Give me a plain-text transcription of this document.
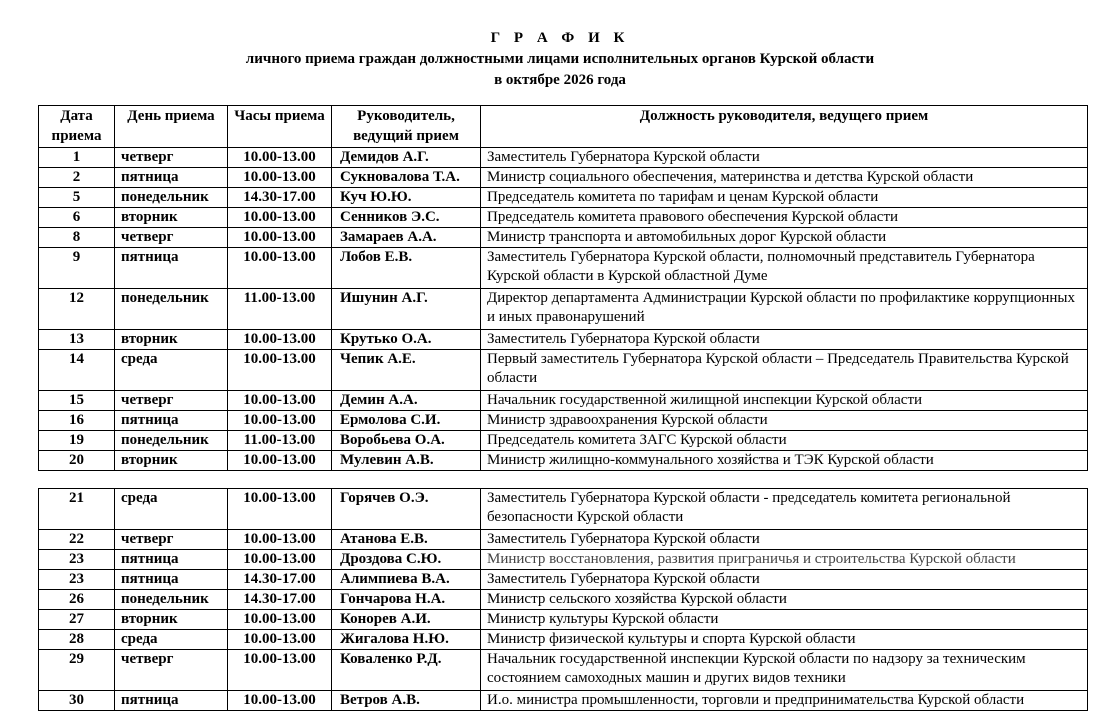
Г Р А Ф И К
личного приема граждан должностными лицами исполнительных органов Курской области
в октябре 2026 года
Дата приема	День приема	Часы приема	Руководитель, ведущий прием	Должность руководителя, ведущего прием
1	четверг	10.00-13.00	Демидов А.Г.	Заместитель Губернатора Курской области
2	пятница	10.00-13.00	Сукновалова Т.А.	Министр социального обеспечения, материнства и детства Курской области
5	понедельник	14.30-17.00	Куч Ю.Ю.	Председатель комитета по тарифам и ценам Курской области
6	вторник	10.00-13.00	Сенников Э.С.	Председатель комитета правового обеспечения Курской области
8	четверг	10.00-13.00	Замараев А.А.	Министр транспорта и автомобильных дорог Курской области
9	пятница	10.00-13.00	Лобов Е.В.	Заместитель Губернатора Курской области, полномочный представитель Губернатора Курской области в Курской областной Думе
12	понедельник	11.00-13.00	Ишунин А.Г.	Директор департамента Администрации Курской области по профилактике коррупционных и иных правонарушений
13	вторник	10.00-13.00	Крутько О.А.	Заместитель Губернатора Курской области
14	среда	10.00-13.00	Чепик А.Е.	Первый заместитель Губернатора Курской области – Председатель Правительства Курской области
15	четверг	10.00-13.00	Демин А.А.	Начальник государственной жилищной инспекции Курской области
16	пятница	10.00-13.00	Ермолова С.И.	Министр здравоохранения Курской области
19	понедельник	11.00-13.00	Воробьева О.А.	Председатель комитета ЗАГС Курской области
20	вторник	10.00-13.00	Мулевин А.В.	Министр жилищно-коммунального хозяйства и ТЭК Курской области
21	среда	10.00-13.00	Горячев О.Э.	Заместитель Губернатора Курской области - председатель комитета региональной безопасности Курской области
22	четверг	10.00-13.00	Атанова Е.В.	Заместитель Губернатора Курской области
23	пятница	10.00-13.00	Дроздова С.Ю.	Министр восстановления, развития приграничья и строительства Курской области
23	пятница	14.30-17.00	Алимпиева В.А.	Заместитель Губернатора Курской области
26	понедельник	14.30-17.00	Гончарова Н.А.	Министр сельского хозяйства Курской области
27	вторник	10.00-13.00	Конорев А.И.	Министр культуры Курской области
28	среда	10.00-13.00	Жигалова Н.Ю.	Министр физической культуры и спорта Курской области
29	четверг	10.00-13.00	Коваленко Р.Д.	Начальник государственной инспекции Курской области по надзору за техническим состоянием самоходных машин и других видов техники
30	пятница	10.00-13.00	Ветров А.В.	И.о. министра промышленности, торговли и предпринимательства Курской области
